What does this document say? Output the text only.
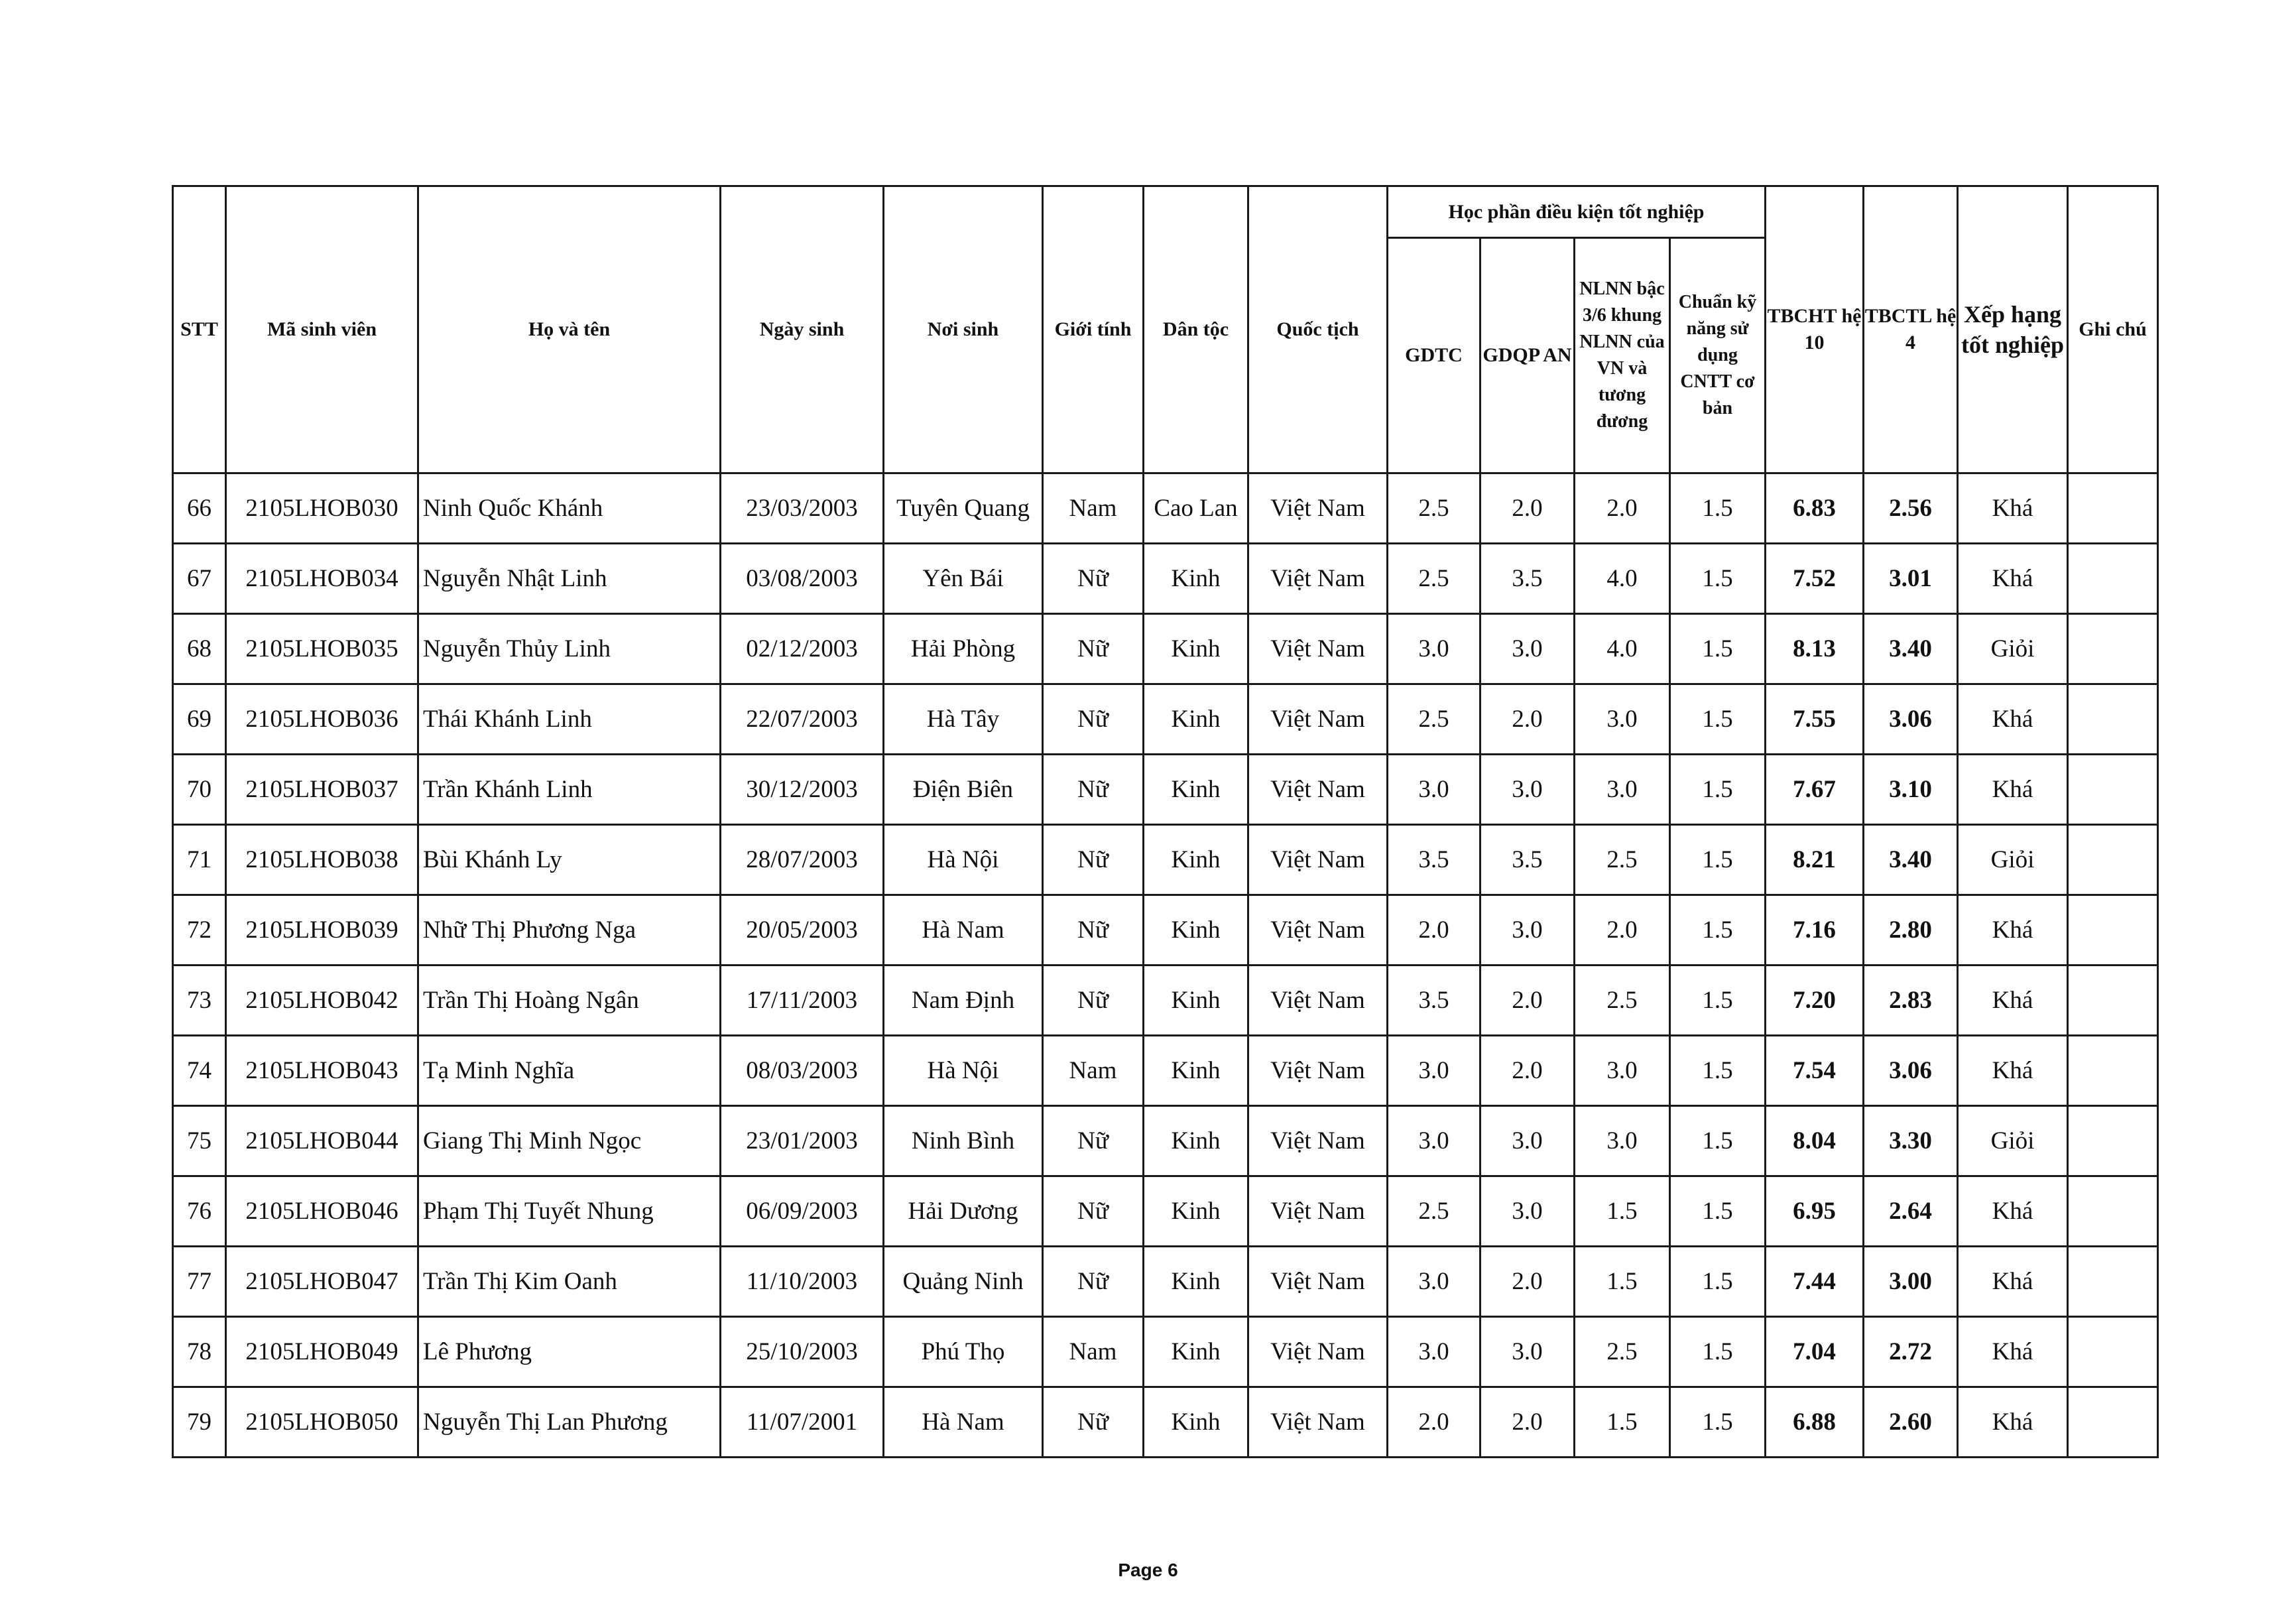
STT	Mã sinh viên	Họ và tên	Ngày sinh	Nơi sinh	Giới tính	Dân tộc	Quốc tịch	Học phần điều kiện tốt nghiệp				TBCHT hệ 10	TBCTL hệ 4	Xếp hạng tốt nghiệp	Ghi chú
								GDTC	GDQP AN	NLNN bậc 3/6 khung NLNN của VN và tương đương	Chuẩn kỹ năng sử dụng CNTT cơ bản				
66	2105LHOB030	Ninh Quốc Khánh	23/03/2003	Tuyên Quang	Nam	Cao Lan	Việt Nam	2.5	2.0	2.0	1.5	6.83	2.56	Khá	
67	2105LHOB034	Nguyễn Nhật Linh	03/08/2003	Yên Bái	Nữ	Kinh	Việt Nam	2.5	3.5	4.0	1.5	7.52	3.01	Khá	
68	2105LHOB035	Nguyễn Thủy Linh	02/12/2003	Hải Phòng	Nữ	Kinh	Việt Nam	3.0	3.0	4.0	1.5	8.13	3.40	Giỏi	
69	2105LHOB036	Thái Khánh Linh	22/07/2003	Hà Tây	Nữ	Kinh	Việt Nam	2.5	2.0	3.0	1.5	7.55	3.06	Khá	
70	2105LHOB037	Trần Khánh Linh	30/12/2003	Điện Biên	Nữ	Kinh	Việt Nam	3.0	3.0	3.0	1.5	7.67	3.10	Khá	
71	2105LHOB038	Bùi Khánh Ly	28/07/2003	Hà Nội	Nữ	Kinh	Việt Nam	3.5	3.5	2.5	1.5	8.21	3.40	Giỏi	
72	2105LHOB039	Nhữ Thị Phương Nga	20/05/2003	Hà Nam	Nữ	Kinh	Việt Nam	2.0	3.0	2.0	1.5	7.16	2.80	Khá	
73	2105LHOB042	Trần Thị Hoàng Ngân	17/11/2003	Nam Định	Nữ	Kinh	Việt Nam	3.5	2.0	2.5	1.5	7.20	2.83	Khá	
74	2105LHOB043	Tạ Minh Nghĩa	08/03/2003	Hà Nội	Nam	Kinh	Việt Nam	3.0	2.0	3.0	1.5	7.54	3.06	Khá	
75	2105LHOB044	Giang Thị Minh Ngọc	23/01/2003	Ninh Bình	Nữ	Kinh	Việt Nam	3.0	3.0	3.0	1.5	8.04	3.30	Giỏi	
76	2105LHOB046	Phạm Thị Tuyết Nhung	06/09/2003	Hải Dương	Nữ	Kinh	Việt Nam	2.5	3.0	1.5	1.5	6.95	2.64	Khá	
77	2105LHOB047	Trần Thị Kim Oanh	11/10/2003	Quảng Ninh	Nữ	Kinh	Việt Nam	3.0	2.0	1.5	1.5	7.44	3.00	Khá	
78	2105LHOB049	Lê Phương	25/10/2003	Phú Thọ	Nam	Kinh	Việt Nam	3.0	3.0	2.5	1.5	7.04	2.72	Khá	
79	2105LHOB050	Nguyễn Thị Lan Phương	11/07/2001	Hà Nam	Nữ	Kinh	Việt Nam	2.0	2.0	1.5	1.5	6.88	2.60	Khá	
Page 6
